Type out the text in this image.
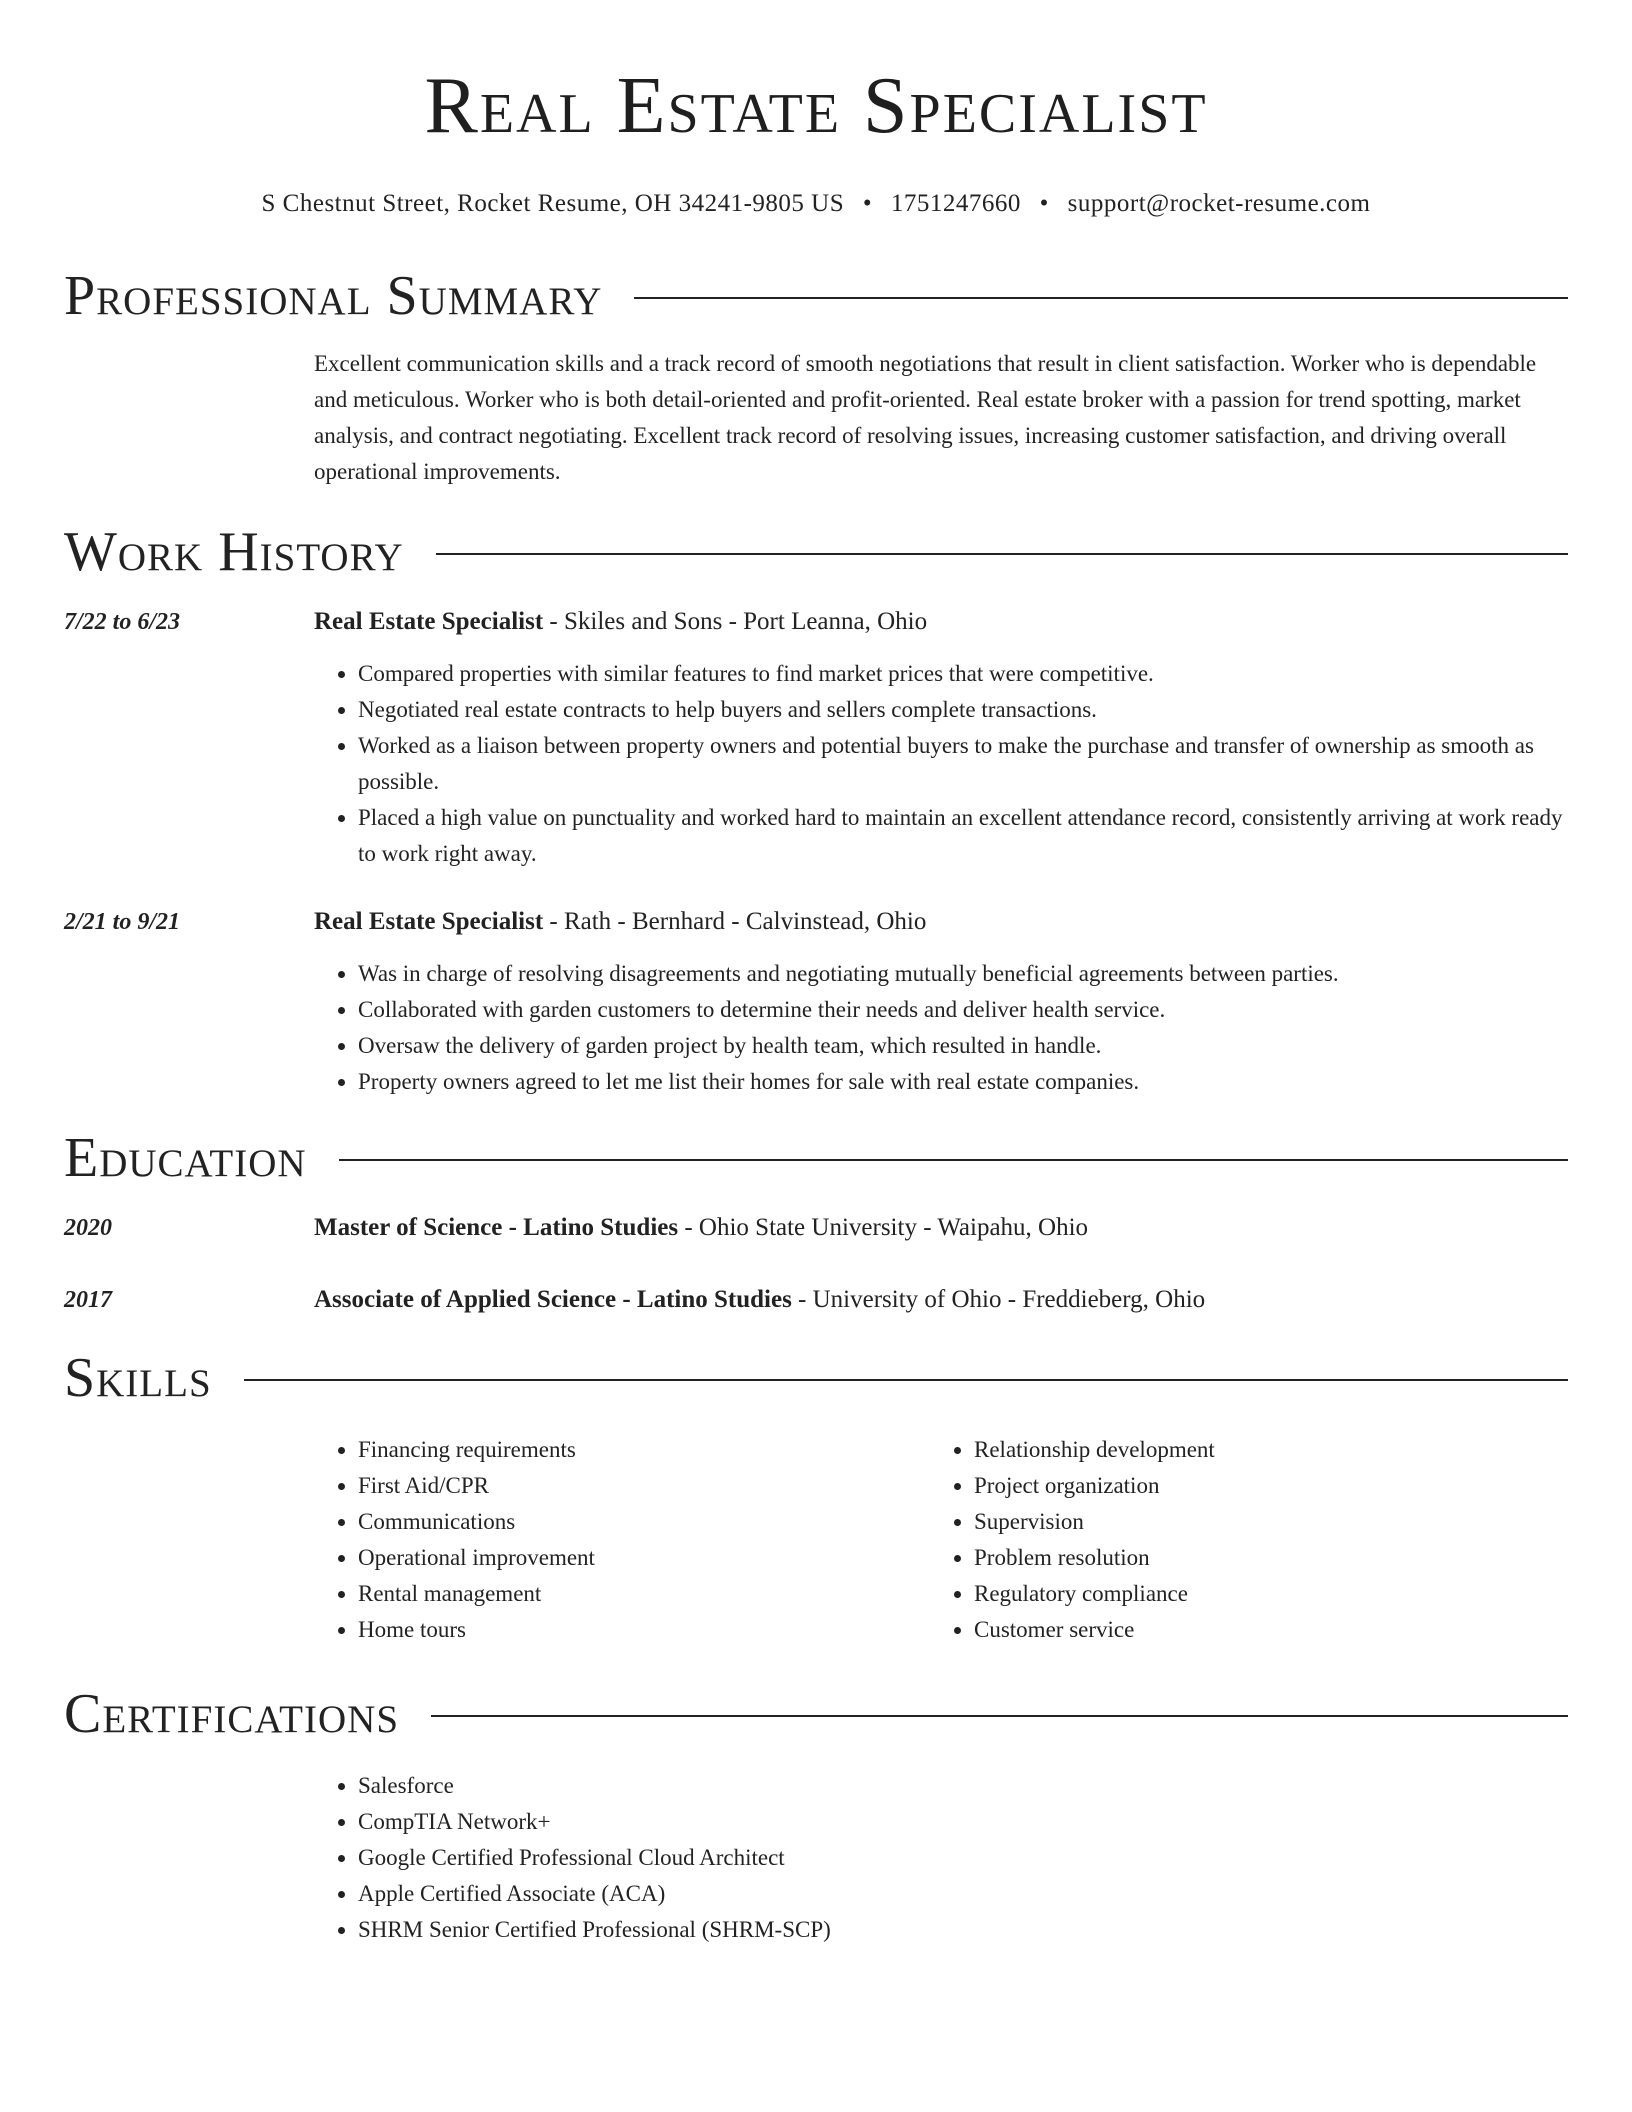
Real Estate Specialist
S Chestnut Street, Rocket Resume, OH 34241-9805 US • 1751247660 • support@rocket-resume.com
Professional Summary
Excellent communication skills and a track record of smooth negotiations that result in client satisfaction. Worker who is dependable and meticulous. Worker who is both detail-oriented and profit-oriented. Real estate broker with a passion for trend spotting, market analysis, and contract negotiating. Excellent track record of resolving issues, increasing customer satisfaction, and driving overall operational improvements.
Work History
7/22 to 6/23	Real Estate Specialist - Skiles and Sons - Port Leanna, Ohio
• Compared properties with similar features to find market prices that were competitive.
• Negotiated real estate contracts to help buyers and sellers complete transactions.
• Worked as a liaison between property owners and potential buyers to make the purchase and transfer of ownership as smooth as possible.
• Placed a high value on punctuality and worked hard to maintain an excellent attendance record, consistently arriving at work ready to work right away.
2/21 to 9/21	Real Estate Specialist - Rath - Bernhard - Calvinstead, Ohio
• Was in charge of resolving disagreements and negotiating mutually beneficial agreements between parties.
• Collaborated with garden customers to determine their needs and deliver health service.
• Oversaw the delivery of garden project by health team, which resulted in handle.
• Property owners agreed to let me list their homes for sale with real estate companies.
Education
2020	Master of Science - Latino Studies - Ohio State University - Waipahu, Ohio
2017	Associate of Applied Science - Latino Studies - University of Ohio - Freddieberg, Ohio
Skills
• Financing requirements
• First Aid/CPR
• Communications
• Operational improvement
• Rental management
• Home tours
• Relationship development
• Project organization
• Supervision
• Problem resolution
• Regulatory compliance
• Customer service
Certifications
• Salesforce
• CompTIA Network+
• Google Certified Professional Cloud Architect
• Apple Certified Associate (ACA)
• SHRM Senior Certified Professional (SHRM-SCP)
